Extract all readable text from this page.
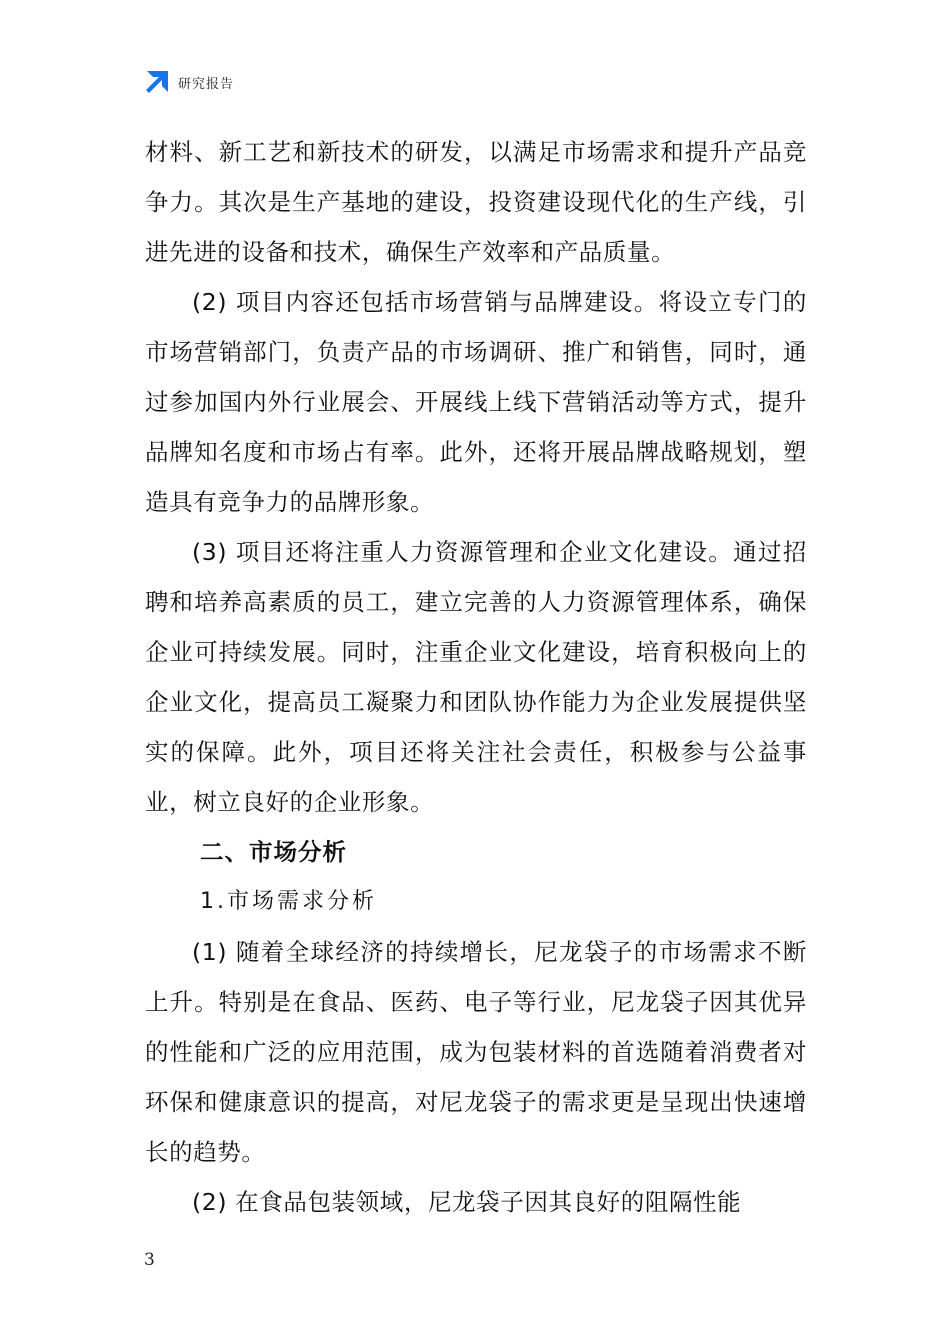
研究报告

材料、新工艺和新技术的研发，以满足市场需求和提升产品竞争力。其次是生产基地的建设，投资建设现代化的生产线，引进先进的设备和技术，确保生产效率和产品质量。

(2) 项目内容还包括市场营销与品牌建设。将设立专门的市场营销部门，负责产品的市场调研、推广和销售，同时，通过参加国内外行业展会、开展线上线下营销活动等方式，提升品牌知名度和市场占有率。此外，还将开展品牌战略规划，塑造具有竞争力的品牌形象。

(3) 项目还将注重人力资源管理和企业文化建设。通过招聘和培养高素质的员工，建立完善的人力资源管理体系，确保企业可持续发展。同时，注重企业文化建设，培育积极向上的企业文化，提高员工凝聚力和团队协作能力为企业发展提供坚实的保障。此外，项目还将关注社会责任，积极参与公益事业，树立良好的企业形象。

二、市场分析

1.市场需求分析

(1) 随着全球经济的持续增长，尼龙袋子的市场需求不断上升。特别是在食品、医药、电子等行业，尼龙袋子因其优异的性能和广泛的应用范围，成为包装材料的首选随着消费者对环保和健康意识的提高，对尼龙袋子的需求更是呈现出快速增长的趋势。

(2) 在食品包装领域，尼龙袋子因其良好的阻隔性能

3
